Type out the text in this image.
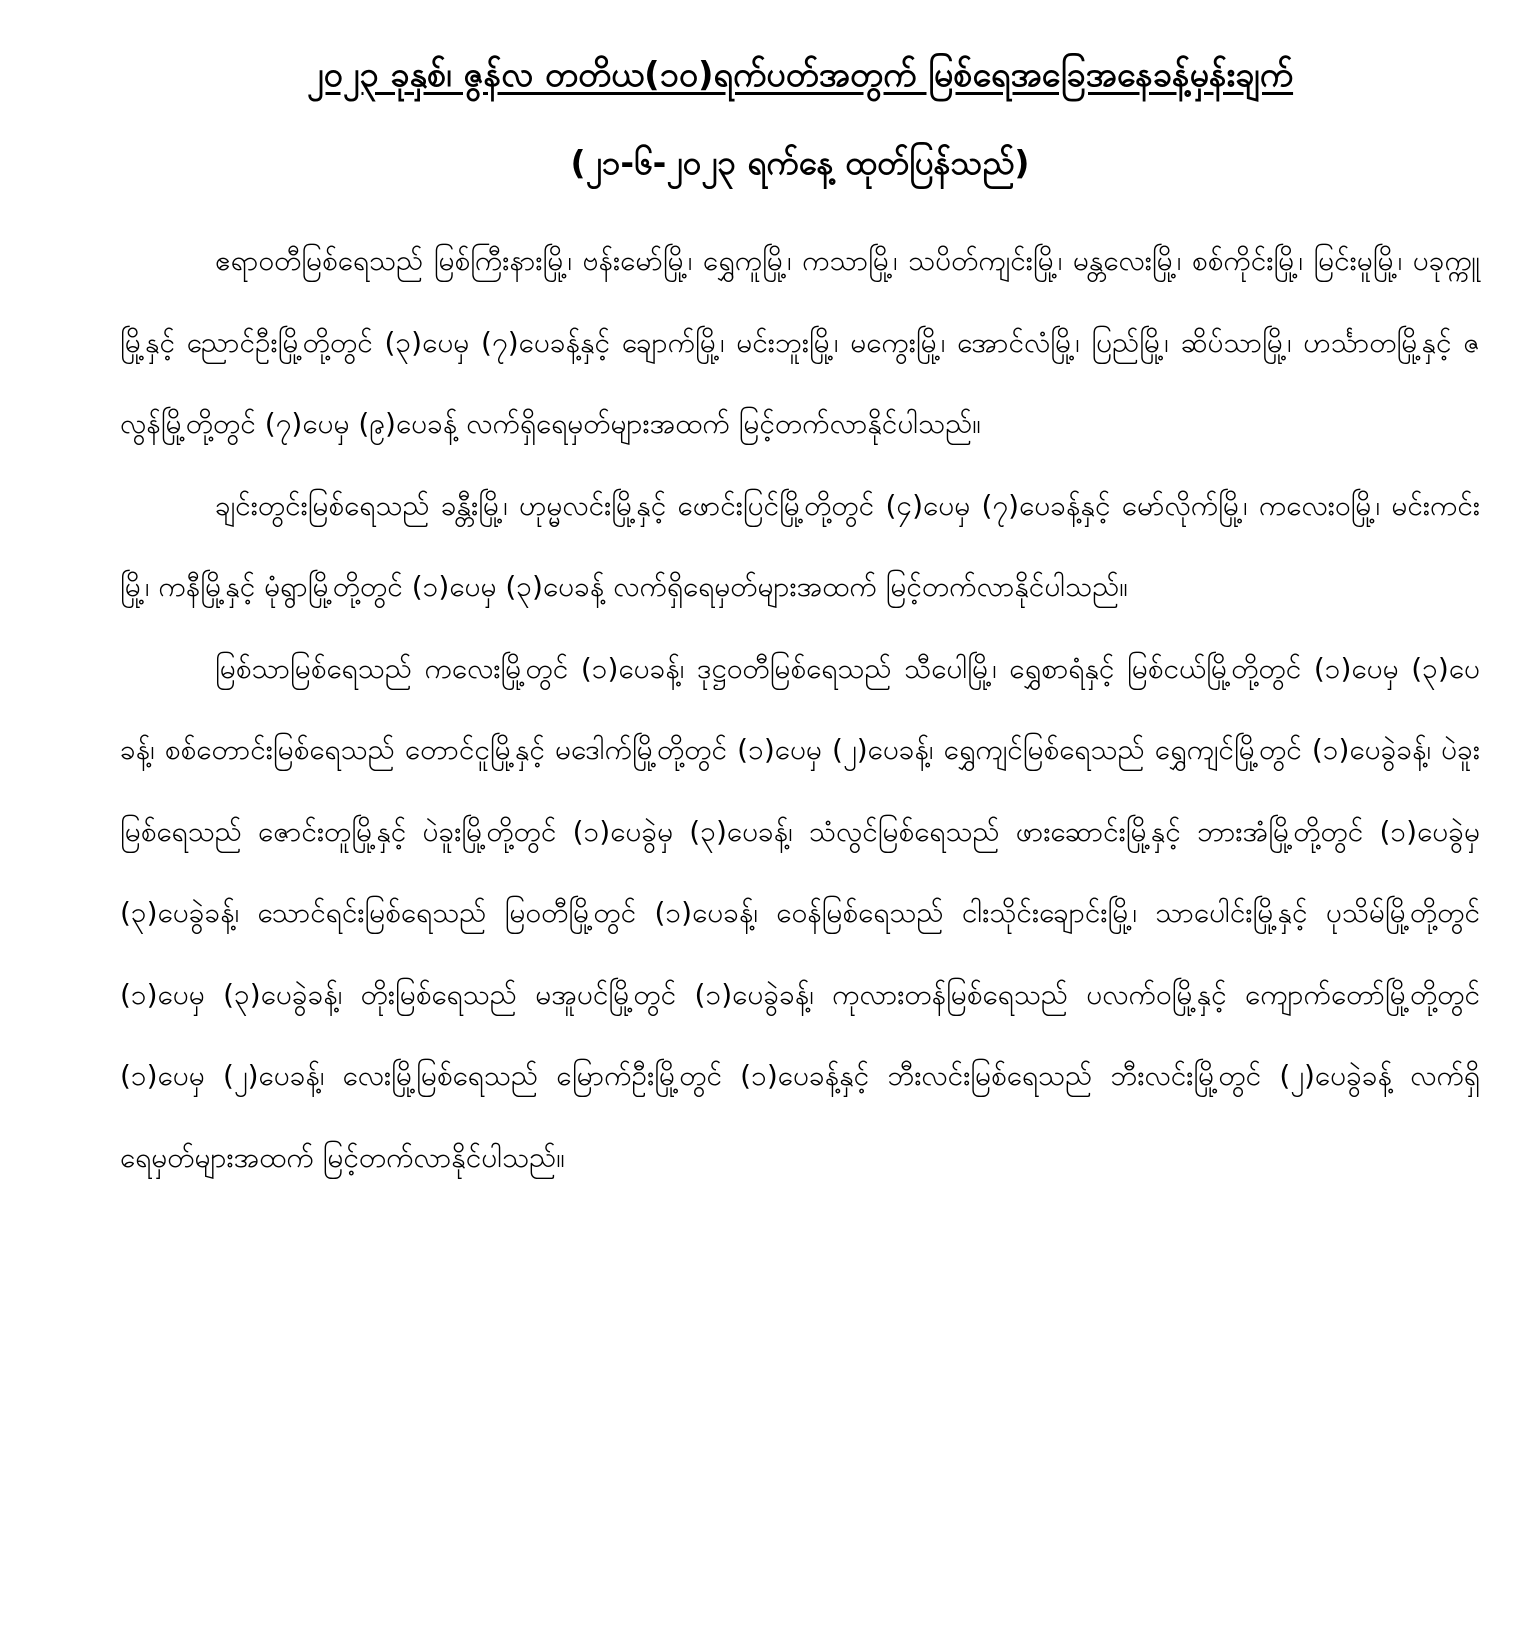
၂၀၂၃ ခုနှစ်၊ ဇွန်လ တတိယ(၁၀)ရက်ပတ်အတွက် မြစ်ရေအခြေအနေခန့်မှန်းချက်
(၂၁-၆-၂၀၂၃ ရက်နေ့ ထုတ်ပြန်သည်)

ဧရာဝတီမြစ်ရေသည် မြစ်ကြီးနားမြို့၊ ဗန်းမော်မြို့၊ ရွှေကူမြို့၊ ကသာမြို့၊ သပိတ်ကျင်းမြို့၊ မန္တလေးမြို့၊ စစ်ကိုင်းမြို့၊ မြင်းမူမြို့၊ ပခုက္ကူမြို့နှင့် ညောင်ဦးမြို့တို့တွင် (၃)ပေမှ (၇)ပေခန့်နှင့် ချောက်မြို့၊ မင်းဘူးမြို့၊ မကွေးမြို့၊ အောင်လံမြို့၊ ပြည်မြို့၊ ဆိပ်သာမြို့၊ ဟင်္သာတမြို့နှင့် ဇလွန်မြို့တို့တွင် (၇)ပေမှ (၉)ပေခန့် လက်ရှိရေမှတ်များအထက် မြင့်တက်လာနိုင်ပါသည်။

ချင်းတွင်းမြစ်ရေသည် ခန္တီးမြို့၊ ဟုမ္မလင်းမြို့နှင့် ဖောင်းပြင်မြို့တို့တွင် (၄)ပေမှ (၇)ပေခန့်နှင့် မော်လိုက်မြို့၊ ကလေးဝမြို့၊ မင်းကင်းမြို့၊ ကနီမြို့နှင့် မုံရွာမြို့တို့တွင် (၁)ပေမှ (၃)ပေခန့် လက်ရှိရေမှတ်များအထက် မြင့်တက်လာနိုင်ပါသည်။

မြစ်သာမြစ်ရေသည် ကလေးမြို့တွင် (၁)ပေခန့်၊ ဒုဋ္ဌဝတီမြစ်ရေသည် သီပေါမြို့၊ ရွှေစာရံနှင့် မြစ်ငယ်မြို့တို့တွင် (၁)ပေမှ (၃)ပေခန့်၊ စစ်တောင်းမြစ်ရေသည် တောင်ငူမြို့နှင့် မဒေါက်မြို့တို့တွင် (၁)ပေမှ (၂)ပေခန့်၊ ရွှေကျင်မြစ်ရေသည် ရွှေကျင်မြို့တွင် (၁)ပေခွဲခန့်၊ ပဲခူးမြစ်ရေသည် ဇောင်းတူမြို့နှင့် ပဲခူးမြို့တို့တွင် (၁)ပေခွဲမှ (၃)ပေခန့်၊ သံလွင်မြစ်ရေသည် ဖားဆောင်းမြို့နှင့် ဘားအံမြို့တို့တွင် (၁)ပေခွဲမှ (၃)ပေခွဲခန့်၊ သောင်ရင်းမြစ်ရေသည် မြဝတီမြို့တွင် (၁)ပေခန့်၊ ဝေန်မြစ်ရေသည် ငါးသိုင်းချောင်းမြို့၊ သာပေါင်းမြို့နှင့် ပုသိမ်မြို့တို့တွင် (၁)ပေမှ (၃)ပေခွဲခန့်၊ တိုးမြစ်ရေသည် မအူပင်မြို့တွင် (၁)ပေခွဲခန့်၊ ကုလားတန်မြစ်ရေသည် ပလက်ဝမြို့နှင့် ကျောက်တော်မြို့တို့တွင် (၁)ပေမှ (၂)ပေခန့်၊ လေးမြို့မြစ်ရေသည် မြောက်ဦးမြို့တွင် (၁)ပေခန့်နှင့် ဘီးလင်းမြစ်ရေသည် ဘီးလင်းမြို့တွင် (၂)ပေခွဲခန့် လက်ရှိရေမှတ်များအထက် မြင့်တက်လာနိုင်ပါသည်။
